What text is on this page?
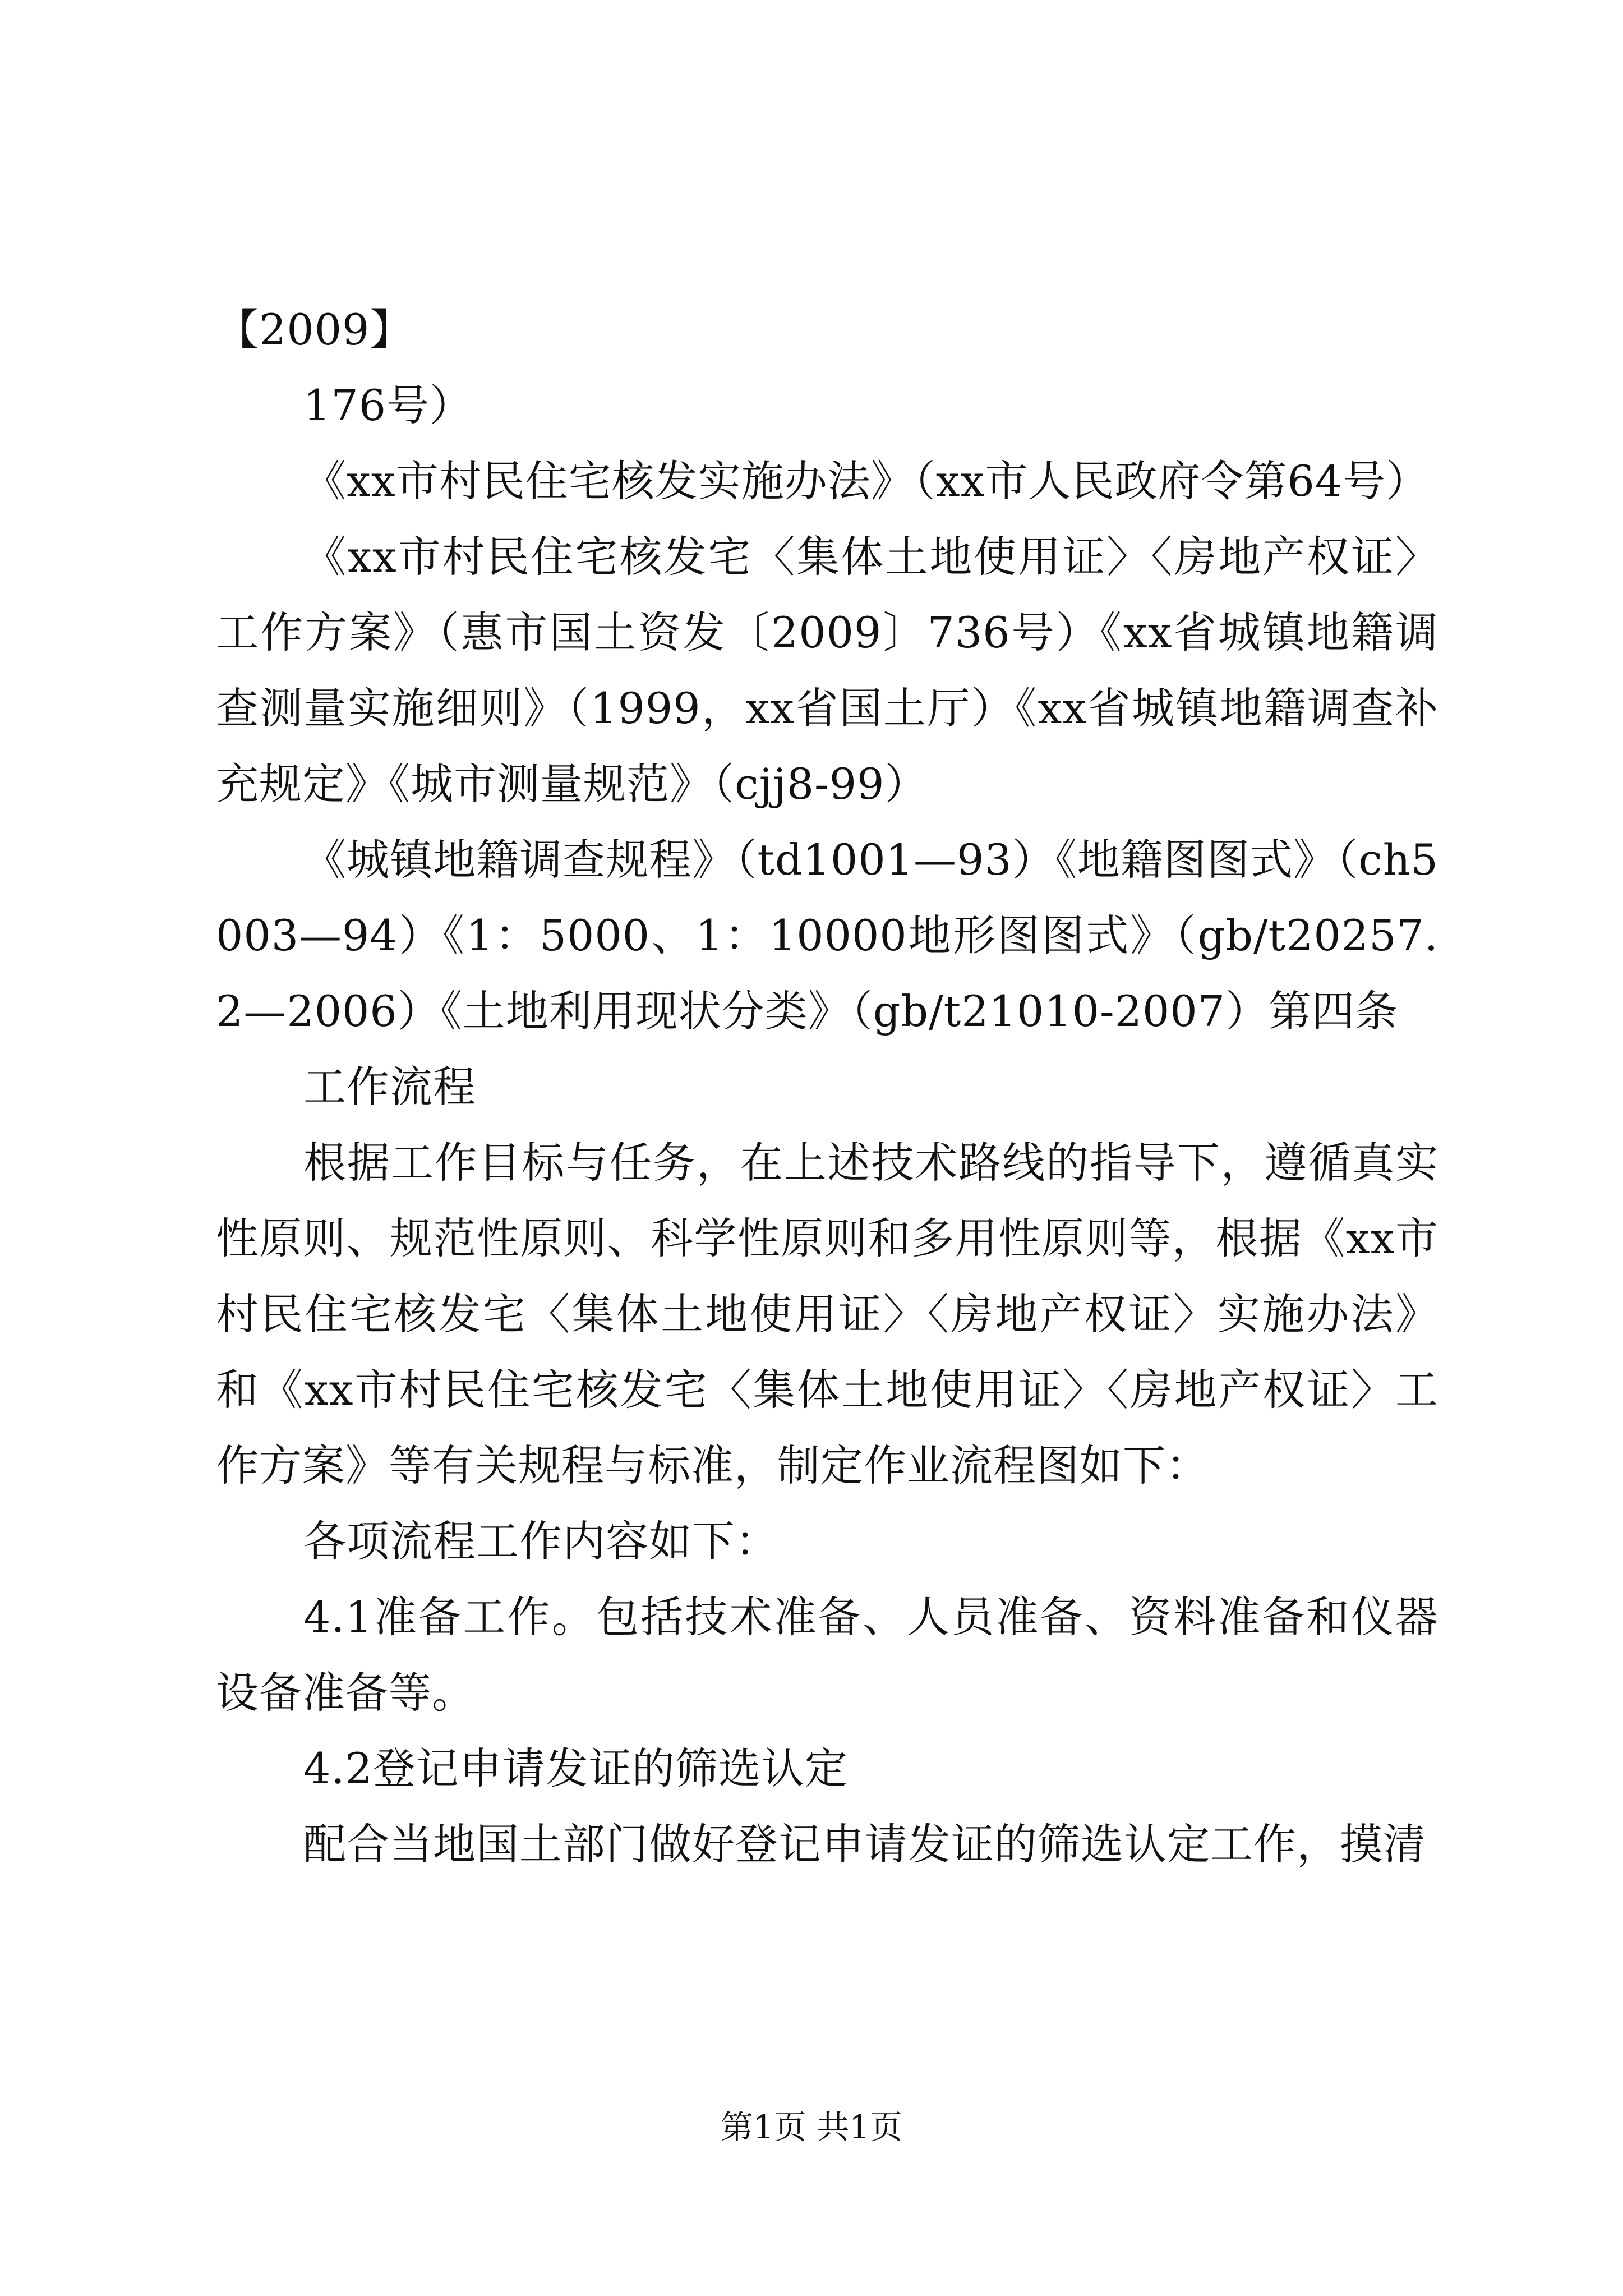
【2009】

176号）

《xx市村民住宅核发实施办法》（xx市人民政府令第64号）

《xx市村民住宅核发宅〈集体土地使用证〉〈房地产权证〉工作方案》（惠市国土资发〔2009〕736号）《xx省城镇地籍调查测量实施细则》（1999，xx省国土厅）《xx省城镇地籍调查补充规定》《城市测量规范》（cjj8-99）

《城镇地籍调查规程》（td1001—93）《地籍图图式》（ch5003—94）《1：5000、1：10000地形图图式》（gb/t20257.2—2006）《土地利用现状分类》（gb/t21010-2007）第四条

工作流程

根据工作目标与任务，在上述技术路线的指导下，遵循真实性原则、规范性原则、科学性原则和多用性原则等，根据《xx市村民住宅核发宅〈集体土地使用证〉〈房地产权证〉实施办法》和《xx市村民住宅核发宅〈集体土地使用证〉〈房地产权证〉工作方案》等有关规程与标准，制定作业流程图如下：

各项流程工作内容如下：

4.1准备工作。包括技术准备、人员准备、资料准备和仪器设备准备等。

4.2登记申请发证的筛选认定

配合当地国土部门做好登记申请发证的筛选认定工作，摸清

第1页 共1页
